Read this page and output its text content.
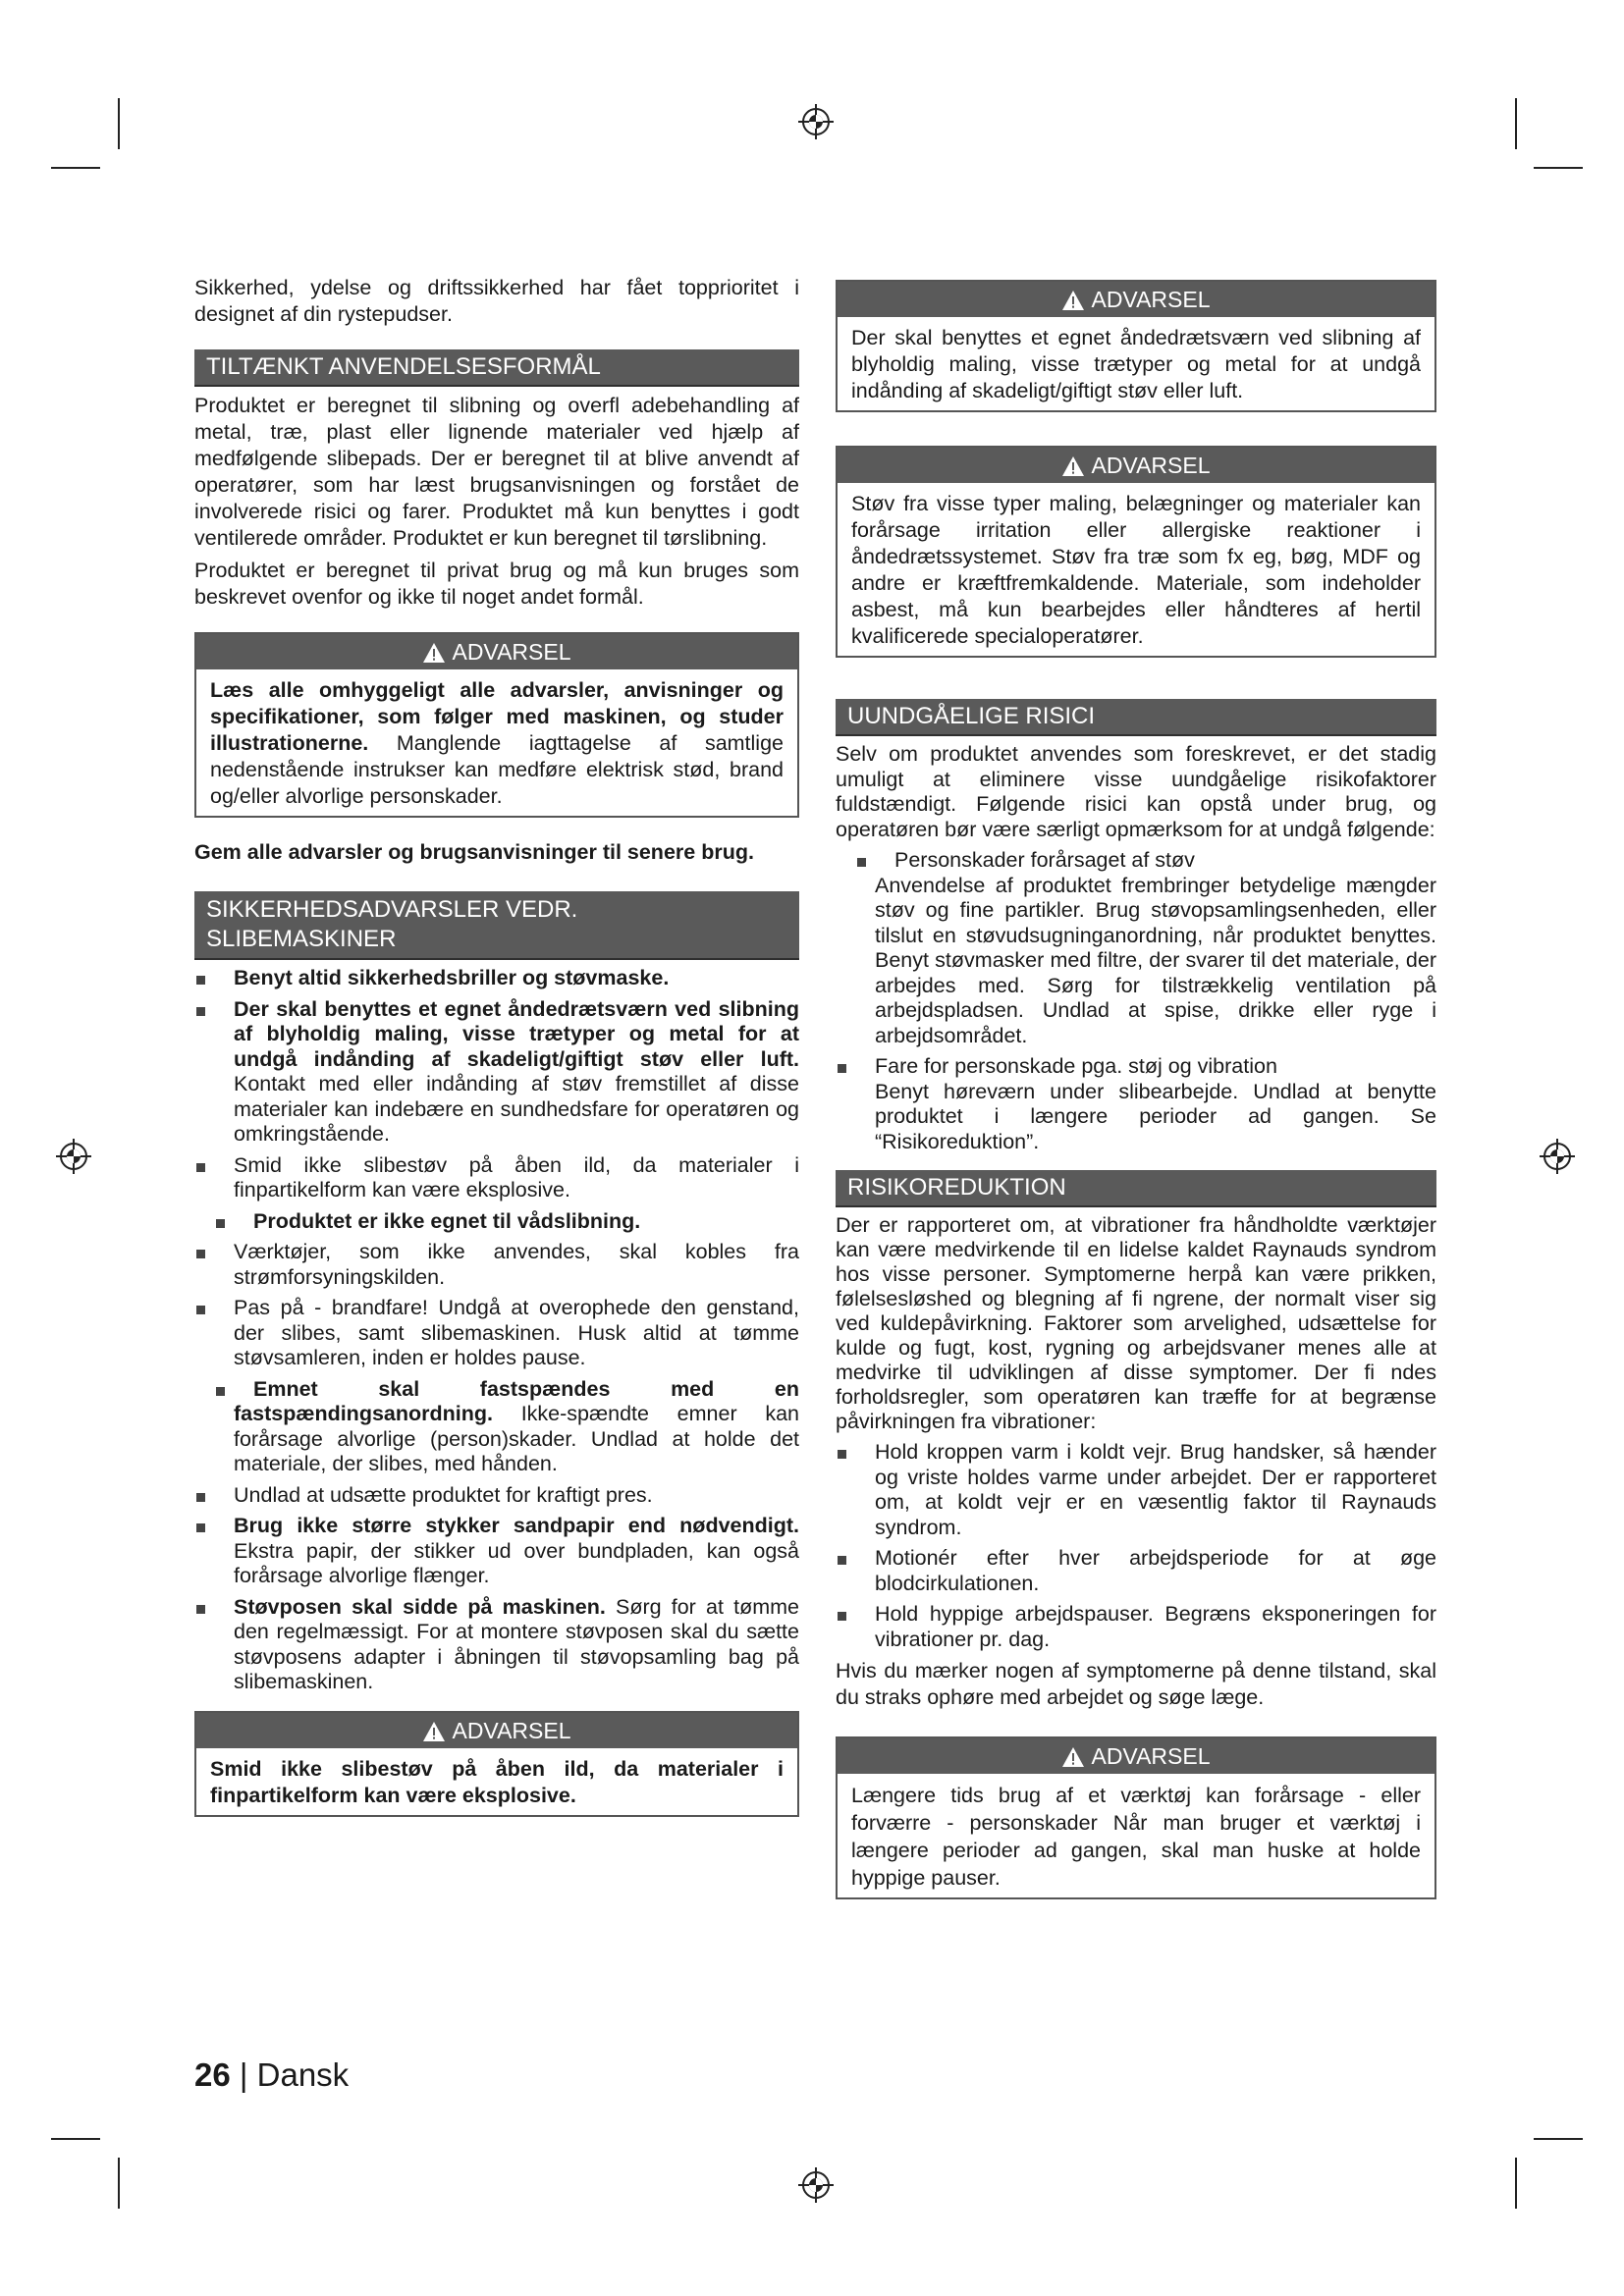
Sikkerhed, ydelse og driftssikkerhed har fået topprioritet i designet af din rystepudser.

TILTÆNKT ANVENDELSESFORMÅL

Produktet er beregnet til slibning og overfl adebehandling af metal, træ, plast eller lignende materialer ved hjælp af medfølgende slibepads. Der er beregnet til at blive anvendt af operatører, som har læst brugsanvisningen og forstået de involverede risici og farer. Produktet må kun benyttes i godt ventilerede områder. Produktet er kun beregnet til tørslibning.

Produktet er beregnet til privat brug og må kun bruges som beskrevet ovenfor og ikke til noget andet formål.

ADVARSEL

Læs alle omhyggeligt alle advarsler, anvisninger og specifikationer, som følger med maskinen, og studer illustrationerne. Manglende iagttagelse af samtlige nedenstående instrukser kan medføre elektrisk stød, brand og/eller alvorlige personskader.

Gem alle advarsler og brugsanvisninger til senere brug.

SIKKERHEDSADVARSLER VEDR.
SLIBEMASKINER
Benyt altid sikkerhedsbriller og støvmaske.
Der skal benyttes et egnet åndedrætsværn ved slibning af blyholdig maling, visse trætyper og metal for at undgå indånding af skadeligt/giftigt støv eller luft. Kontakt med eller indånding af støv fremstillet af disse materialer kan indebære en sundhedsfare for operatøren og omkringstående.
Smid ikke slibestøv på åben ild, da materialer i finpartikelform kan være eksplosive.
Produktet er ikke egnet til vådslibning.
Værktøjer, som ikke anvendes, skal kobles fra strømforsyningskilden.
Pas på - brandfare! Undgå at overophede den genstand, der slibes, samt slibemaskinen. Husk altid at tømme støvsamleren, inden er holdes pause.
Emnet skal fastspændes med en fastspændingsanordning. Ikke-spændte emner kan forårsage alvorlige (person)skader. Undlad at holde det materiale, der slibes, med hånden.
Undlad at udsætte produktet for kraftigt pres.
Brug ikke større stykker sandpapir end nødvendigt. Ekstra papir, der stikker ud over bundpladen, kan også forårsage alvorlige flænger.
Støvposen skal sidde på maskinen. Sørg for at tømme den regelmæssigt. For at montere støvposen skal du sætte støvposens adapter i åbningen til støvopsamling bag på slibemaskinen.
ADVARSEL

Smid ikke slibestøv på åben ild, da materialer i finpartikelform kan være eksplosive.

ADVARSEL

Der skal benyttes et egnet åndedrætsværn ved slibning af blyholdig maling, visse trætyper og metal for at undgå indånding af skadeligt/giftigt støv eller luft.

ADVARSEL

Støv fra visse typer maling, belægninger og materialer kan forårsage irritation eller allergiske reaktioner i åndedrætssystemet. Støv fra træ som fx eg, bøg, MDF og andre er kræftfremkaldende. Materiale, som indeholder asbest, må kun bearbejdes eller håndteres af hertil kvalificerede specialoperatører.

UUNDGÅELIGE RISICI

Selv om produktet anvendes som foreskrevet, er det stadig umuligt at eliminere visse uundgåelige risikofaktorer fuldstændigt. Følgende risici kan opstå under brug, og operatøren bør være særligt opmærksom for at undgå følgende:

Personskader forårsaget af støv
Anvendelse af produktet frembringer betydelige mængder støv og fine partikler. Brug støvopsamlingsenheden, eller tilslut en støvudsugninganordning, når produktet benyttes. Benyt støvmasker med filtre, der svarer til det materiale, der arbejdes med. Sørg for tilstrækkelig ventilation på arbejdspladsen. Undlad at spise, drikke eller ryge i arbejdsområdet.
Fare for personskade pga. støj og vibration
Benyt høreværn under slibearbejde. Undlad at benytte produktet i længere perioder ad gangen. Se “Risikoreduktion”.
RISIKOREDUKTION

Der er rapporteret om, at vibrationer fra håndholdte værktøjer kan være medvirkende til en lidelse kaldet Raynauds syndrom hos visse personer. Symptomerne herpå kan være prikken, følelsesløshed og blegning af fi ngrene, der normalt viser sig ved kuldepåvirkning. Faktorer som arvelighed, udsættelse for kulde og fugt, kost, rygning og arbejdsvaner menes alle at medvirke til udviklingen af disse symptomer. Der fi ndes forholdsregler, som operatøren kan træffe for at begrænse påvirkningen fra vibrationer:

Hold kroppen varm i koldt vejr. Brug handsker, så hænder og vriste holdes varme under arbejdet. Der er rapporteret om, at koldt vejr er en væsentlig faktor til Raynauds syndrom.
Motionér efter hver arbejdsperiode for at øge blodcirkulationen.
Hold hyppige arbejdspauser. Begræns eksponeringen for vibrationer pr. dag.

Hvis du mærker nogen af symptomerne på denne tilstand, skal du straks ophøre med arbejdet og søge læge.

ADVARSEL

Længere tids brug af et værktøj kan forårsage - eller forværre - personskader Når man bruger et værktøj i længere perioder ad gangen, skal man huske at holde hyppige pauser.

26 | Dansk
